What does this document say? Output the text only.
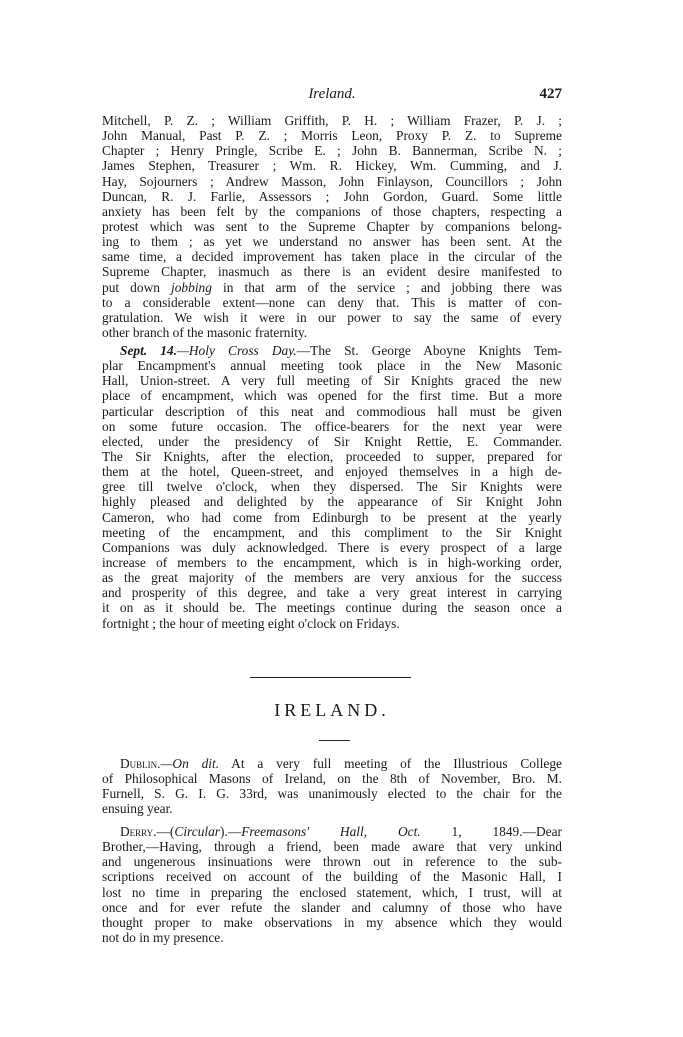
Ireland.	427
Mitchell, P. Z. ; William Griffith, P. H. ; William Frazer, P. J. ;
John Manual, Past P. Z. ; Morris Leon, Proxy P. Z. to Supreme
Chapter ; Henry Pringle, Scribe E. ; John B. Bannerman, Scribe N. ;
James Stephen, Treasurer ; Wm. R. Hickey, Wm. Cumming, and J.
Hay, Sojourners ; Andrew Masson, John Finlayson, Councillors ; John
Duncan, R. J. Farlie, Assessors ; John Gordon, Guard. Some little
anxiety has been felt by the companions of those chapters, respecting a
protest which was sent to the Supreme Chapter by companions belong-
ing to them ; as yet we understand no answer has been sent. At the
same time, a decided improvement has taken place in the circular of the
Supreme Chapter, inasmuch as there is an evident desire manifested to
put down jobbing in that arm of the service ; and jobbing there was
to a considerable extent—none can deny that. This is matter of con-
gratulation. We wish it were in our power to say the same of every
other branch of the masonic fraternity.
Sept. 14.—Holy Cross Day.—The St. George Aboyne Knights Tem-
plar Encampment's annual meeting took place in the New Masonic
Hall, Union-street. A very full meeting of Sir Knights graced the new
place of encampment, which was opened for the first time. But a more
particular description of this neat and commodious hall must be given
on some future occasion. The office-bearers for the next year were
elected, under the presidency of Sir Knight Rettie, E. Commander.
The Sir Knights, after the election, proceeded to supper, prepared for
them at the hotel, Queen-street, and enjoyed themselves in a high de-
gree till twelve o'clock, when they dispersed. The Sir Knights were
highly pleased and delighted by the appearance of Sir Knight John
Cameron, who had come from Edinburgh to be present at the yearly
meeting of the encampment, and this compliment to the Sir Knight
Companions was duly acknowledged. There is every prospect of a large
increase of members to the encampment, which is in high-working order,
as the great majority of the members are very anxious for the success
and prosperity of this degree, and take a very great interest in carrying
it on as it should be. The meetings continue during the season once a
fortnight ; the hour of meeting eight o'clock on Fridays.
IRELAND.
Dublin.—On dit. At a very full meeting of the Illustrious College
of Philosophical Masons of Ireland, on the 8th of November, Bro. M.
Furnell, S. G. I. G. 33rd, was unanimously elected to the chair for the
ensuing year.
Derry.—(Circular).—Freemasons' Hall, Oct. 1, 1849.—Dear
Brother,—Having, through a friend, been made aware that very unkind
and ungenerous insinuations were thrown out in reference to the sub-
scriptions received on account of the building of the Masonic Hall, I
lost no time in preparing the enclosed statement, which, I trust, will at
once and for ever refute the slander and calumny of those who have
thought proper to make observations in my absence which they would
not do in my presence.
